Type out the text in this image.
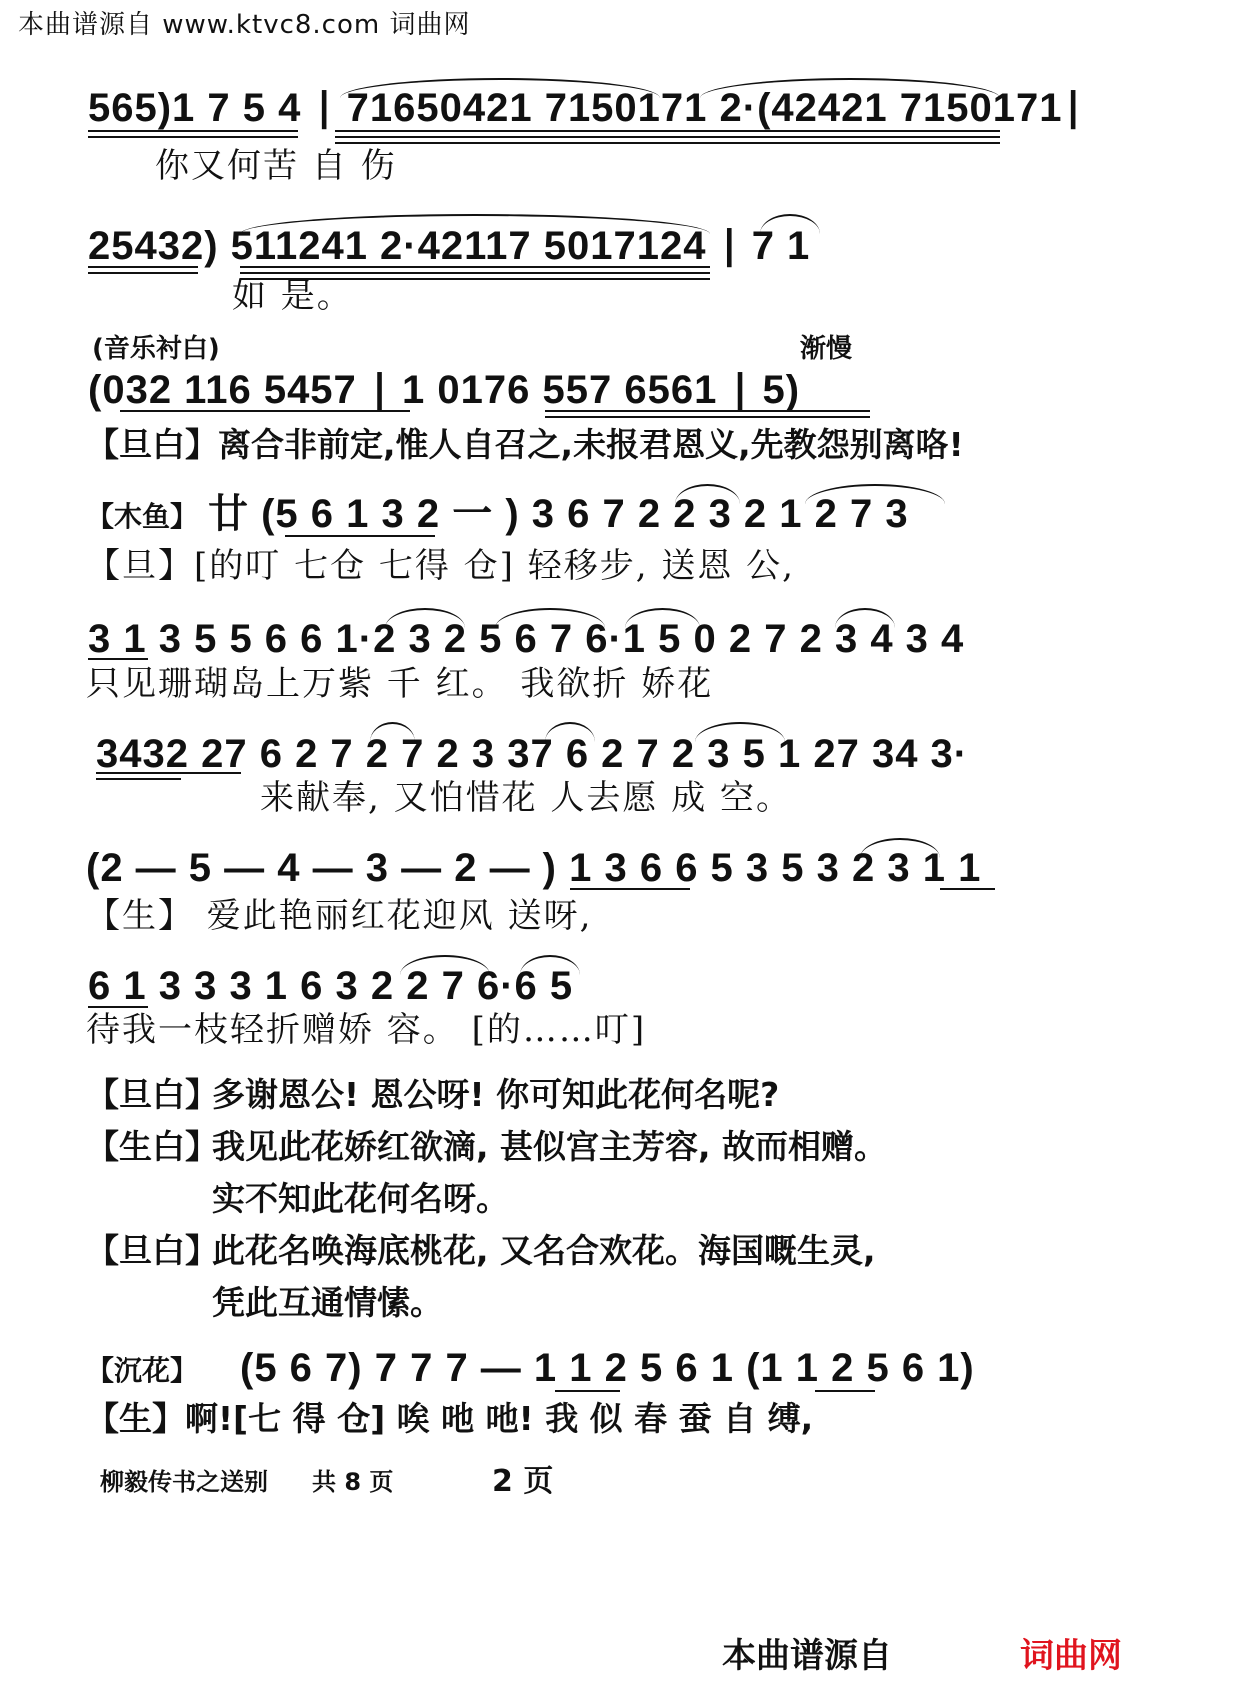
本曲谱源自 www.ktvc8.com 词曲网
565)1 7 5 4 ∣ 71650421 7150171 2·(42421 7150171∣
你又何苦 自 伤
25432) 511241 2·42117 5017124 ∣ 7 1
如 是。
(音乐衬白)	渐慢
(032 116 5457 ∣ 1 0176 557 6561 ∣ 5)
【旦白】离合非前定,惟人自召之,未报君恩义,先教怨别离咯!
【木鱼】 廿 (5 6 1 3 2 一 ) 3 6 7 2 2 3 2 1 2 7 3
【旦】[的叮 七仓 七得 仓] 轻移步, 送恩 公,
3 1 3 5 5 6 6 1·2 3 2 5 6 7 6·1 5 0 2 7 2 3 4 3 4
只见珊瑚岛上万紫 千 红。 我欲折 娇花
3432 27 6 2 7 2 7 2 3 37 6 2 7 2 3 5 1 27 34 3·
来献奉, 又怕惜花 人去愿 成 空。
(2 — 5 — 4 — 3 — 2 — ) 1 3 6 6 5 3 5 3 2 3 1 1
【生】 爱此艳丽红花迎风 送呀,
6 1 3 3 3 1 6 3 2 2 7 6·6 5
待我一枝轻折赠娇 容。 [的……叮]
【旦白】
多谢恩公! 恩公呀! 你可知此花何名呢?
【生白】
我见此花娇红欲滴, 甚似宫主芳容, 故而相赠。
实不知此花何名呀。
【旦白】
此花名唤海底桃花, 又名合欢花。海国嘅生灵,
凭此互通情愫。
【沉花】 (5 6 7) 7 7 7 — 1 1 2 5 6 1 (1 1 2 5 6 1)
【生】啊![七 得 仓] 唉 吔 吔! 我 似 春 蚕 自 缚,
柳毅传书之送别 共 8 页	2 页
本曲谱源自	词曲网
